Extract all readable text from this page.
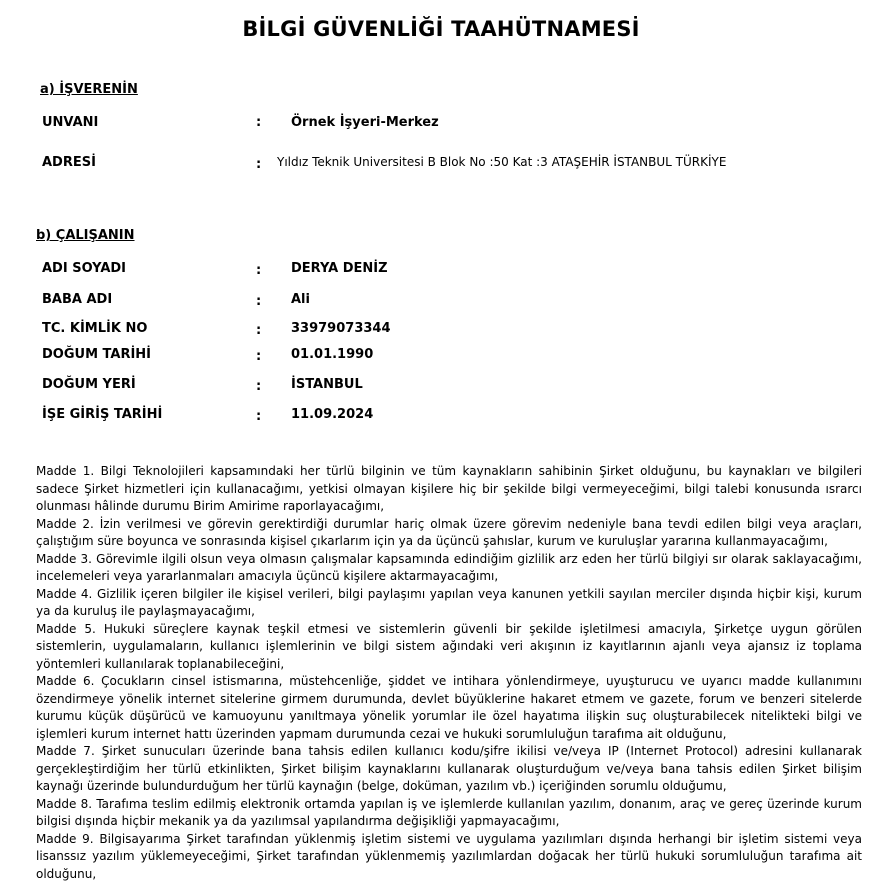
BİLGİ GÜVENLİĞİ TAAHÜTNAMESİ
a) İŞVERENİN
UNVANI	: Örnek İşyeri-Merkez
ADRESİ	: Yıldız Teknik Universitesi B Blok No :50 Kat :3 ATAŞEHİR İSTANBUL TÜRKİYE
b) ÇALIŞANIN
ADI SOYADI	: DERYA DENİZ
BABA ADI	: Ali
TC. KİMLİK NO	: 33979073344
DOĞUM TARİHİ	: 01.01.1990
DOĞUM YERİ	: İSTANBUL
İŞE GİRİŞ TARİHİ	: 11.09.2024

Madde 1. Bilgi Teknolojileri kapsamındaki her türlü bilginin ve tüm kaynakların sahibinin Şirket olduğunu, bu kaynakları ve bilgileri sadece Şirket hizmetleri için kullanacağımı, yetkisi olmayan kişilere hiç bir şekilde bilgi vermeyeceğimi, bilgi talebi konusunda ısrarcı olunması hâlinde durumu Birim Amirime raporlayacağımı,

Madde 2. İzin verilmesi ve görevin gerektirdiği durumlar hariç olmak üzere görevim nedeniyle bana tevdi edilen bilgi veya araçları, çalıştığım süre boyunca ve sonrasında kişisel çıkarlarım için ya da üçüncü şahıslar, kurum ve kuruluşlar yararına kullanmayacağımı,

Madde 3. Görevimle ilgili olsun veya olmasın çalışmalar kapsamında edindiğim gizlilik arz eden her türlü bilgiyi sır olarak saklayacağımı, incelemeleri veya yararlanmaları amacıyla üçüncü kişilere aktarmayacağımı,

Madde 4. Gizlilik içeren bilgiler ile kişisel verileri, bilgi paylaşımı yapılan veya kanunen yetkili sayılan merciler dışında hiçbir kişi, kurum ya da kuruluş ile paylaşmayacağımı,

Madde 5. Hukuki süreçlere kaynak teşkil etmesi ve sistemlerin güvenli bir şekilde işletilmesi amacıyla, Şirketçe uygun görülen sistemlerin, uygulamaların, kullanıcı işlemlerinin ve bilgi sistem ağındaki veri akışının iz kayıtlarının ajanlı veya ajansız iz toplama yöntemleri kullanılarak toplanabileceğini,

Madde 6. Çocukların cinsel istismarına, müstehcenliğe, şiddet ve intihara yönlendirmeye, uyuşturucu ve uyarıcı madde kullanımını özendirmeye yönelik internet sitelerine girmem durumunda, devlet büyüklerine hakaret etmem ve gazete, forum ve benzeri sitelerde kurumu küçük düşürücü ve kamuoyunu yanıltmaya yönelik yorumlar ile özel hayatıma ilişkin suç oluşturabilecek nitelikteki bilgi ve işlemleri kurum internet hattı üzerinden yapmam durumunda cezai ve hukuki sorumluluğun tarafıma ait olduğunu,

Madde 7. Şirket sunucuları üzerinde bana tahsis edilen kullanıcı kodu/şifre ikilisi ve/veya IP (Internet Protocol) adresini kullanarak gerçekleştirdiğim her türlü etkinlikten, Şirket bilişim kaynaklarını kullanarak oluşturduğum ve/veya bana tahsis edilen Şirket bilişim kaynağı üzerinde bulundurduğum her türlü kaynağın (belge, doküman, yazılım vb.) içeriğinden sorumlu olduğumu,

Madde 8. Tarafıma teslim edilmiş elektronik ortamda yapılan iş ve işlemlerde kullanılan yazılım, donanım, araç ve gereç üzerinde kurum bilgisi dışında hiçbir mekanik ya da yazılımsal yapılandırma değişikliği yapmayacağımı,

Madde 9. Bilgisayarıma Şirket tarafından yüklenmiş işletim sistemi ve uygulama yazılımları dışında herhangi bir işletim sistemi veya lisanssız yazılım yüklemeyeceğimi, Şirket tarafından yüklenmemiş yazılımlardan doğacak her türlü hukuki sorumluluğun tarafıma ait olduğunu,
